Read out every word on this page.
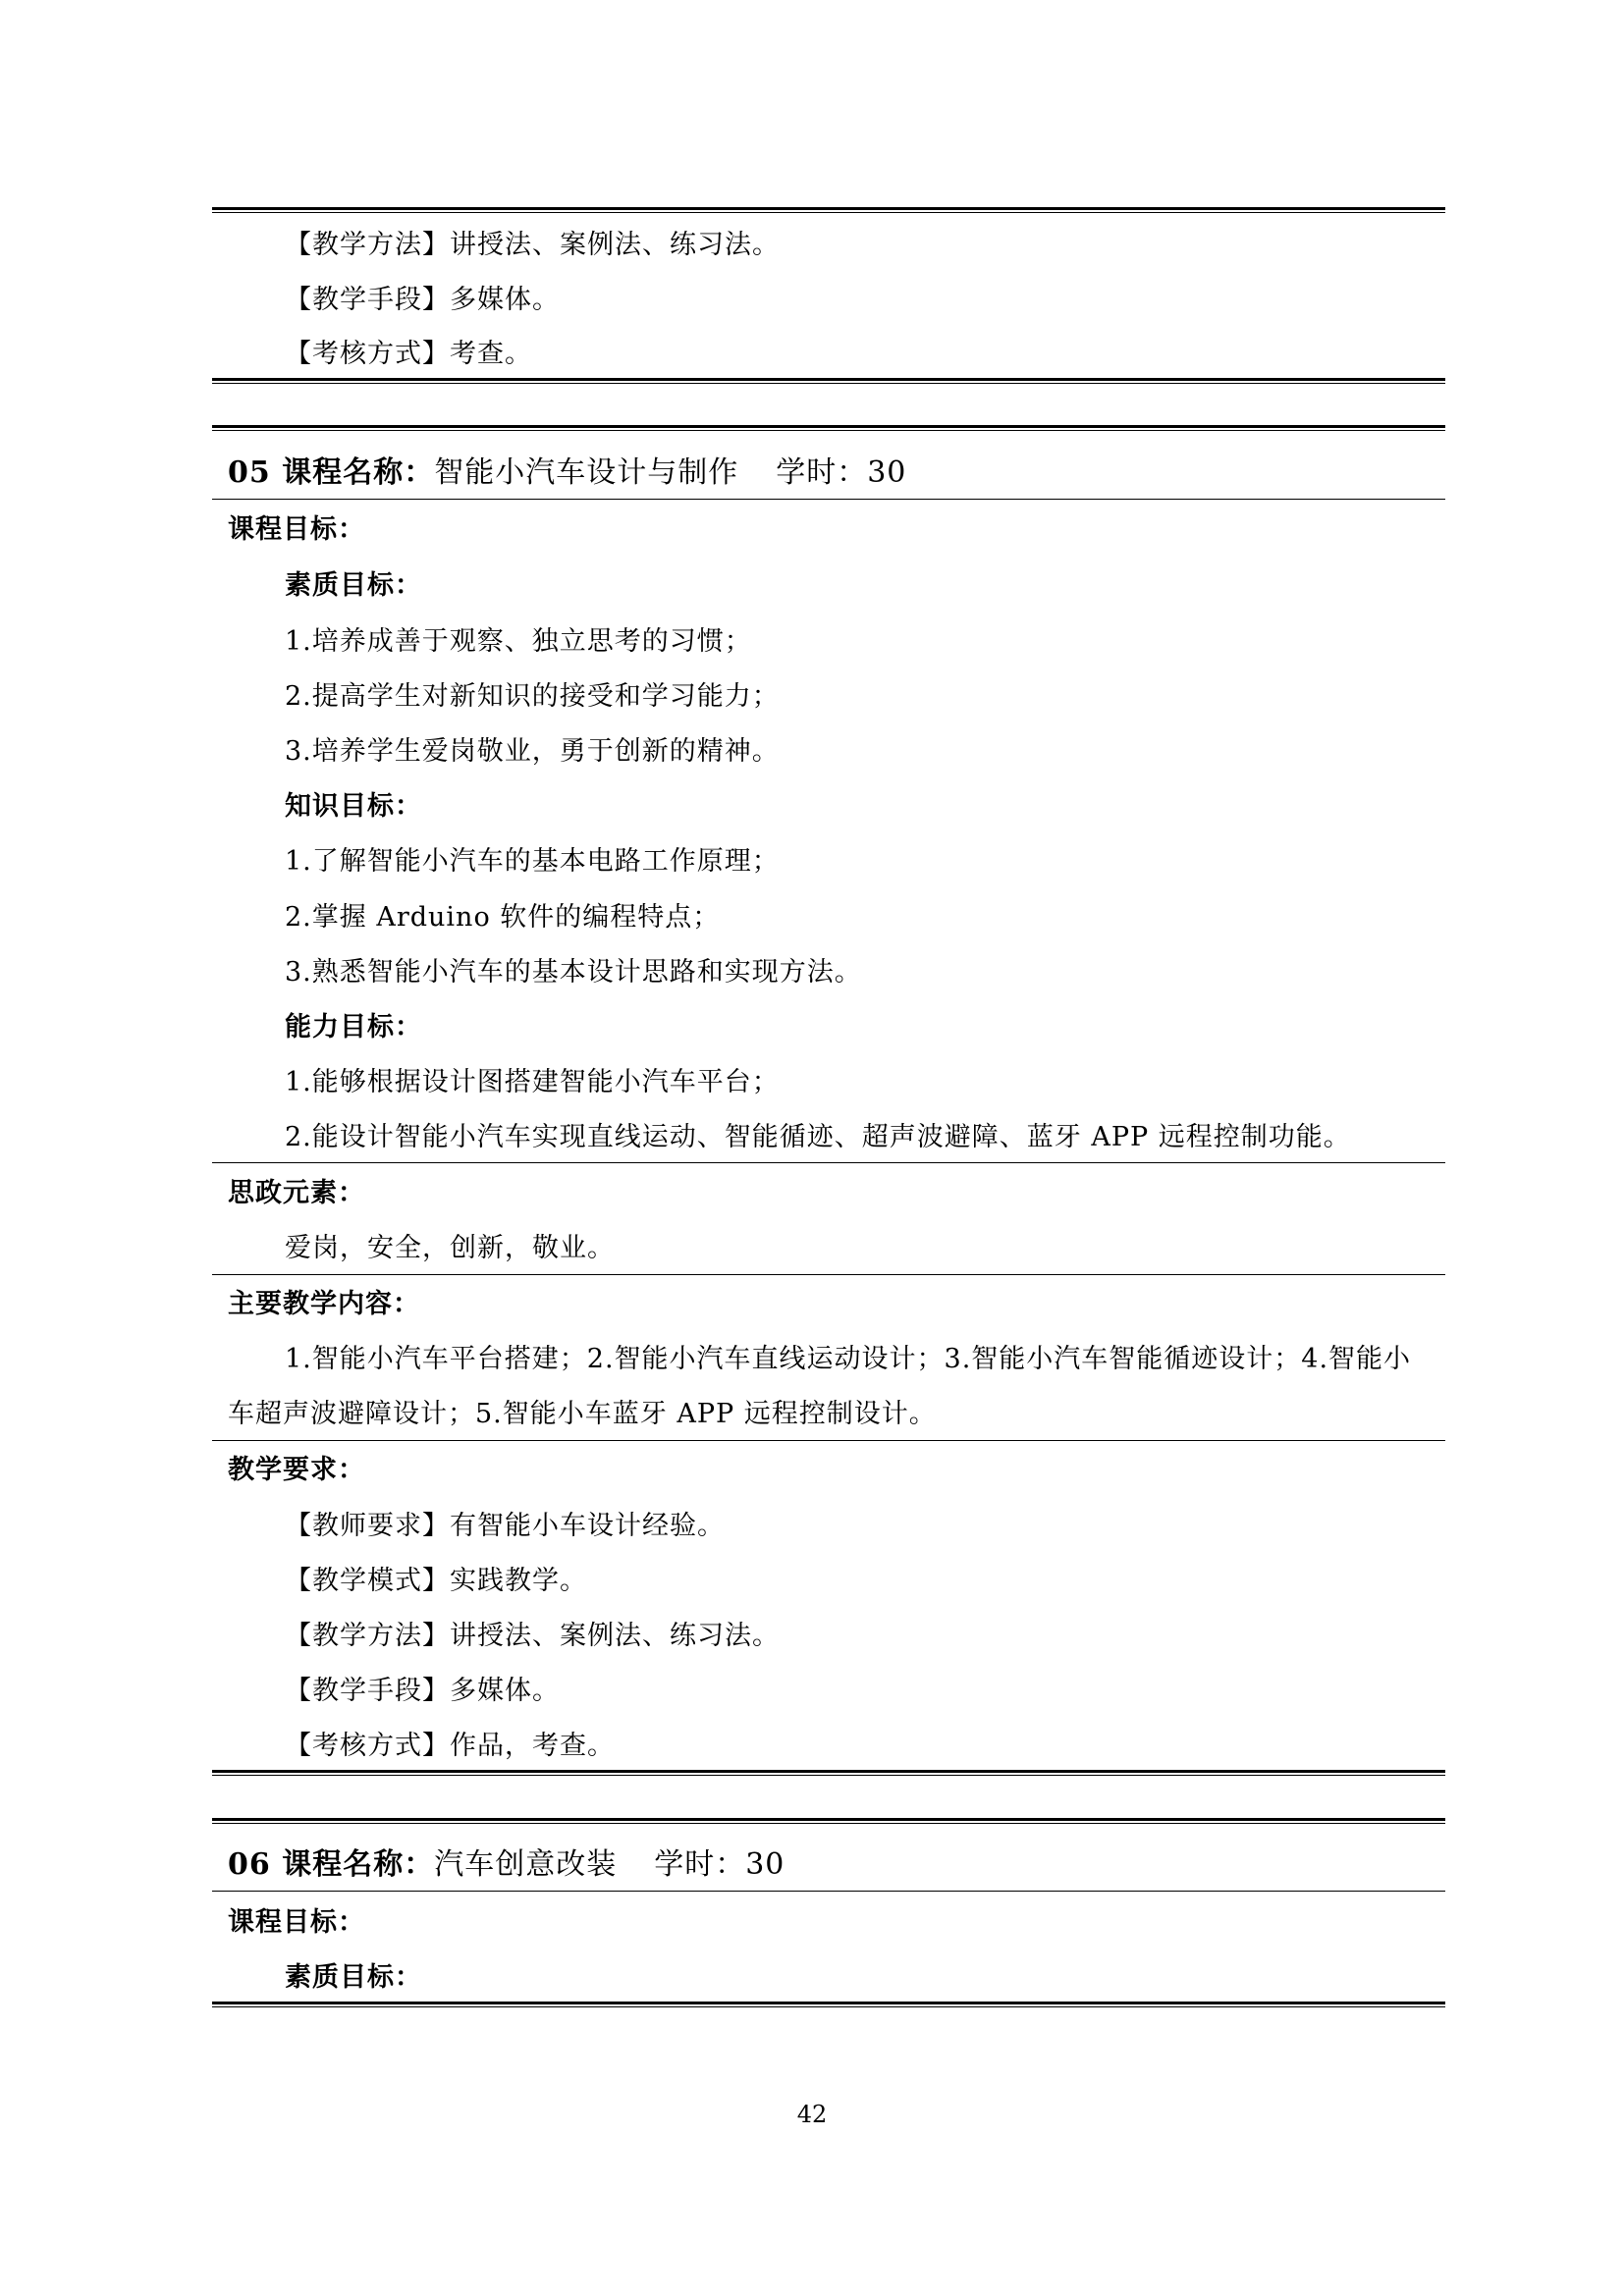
【教学方法】讲授法、案例法、练习法。
【教学手段】多媒体。
【考核方式】考查。
05 课程名称：智能小汽车设计与制作 学时：30
课程目标：
素质目标：
1.培养成善于观察、独立思考的习惯；
2.提高学生对新知识的接受和学习能力；
3.培养学生爱岗敬业，勇于创新的精神。
知识目标：
1.了解智能小汽车的基本电路工作原理；
2.掌握 Arduino 软件的编程特点；
3.熟悉智能小汽车的基本设计思路和实现方法。
能力目标：
1.能够根据设计图搭建智能小汽车平台；
2.能设计智能小汽车实现直线运动、智能循迹、超声波避障、蓝牙 APP 远程控制功能。
思政元素：
爱岗，安全，创新，敬业。
主要教学内容：
1.智能小汽车平台搭建；2.智能小汽车直线运动设计；3.智能小汽车智能循迹设计；4.智能小
车超声波避障设计；5.智能小车蓝牙 APP 远程控制设计。
教学要求：
【教师要求】有智能小车设计经验。
【教学模式】实践教学。
【教学方法】讲授法、案例法、练习法。
【教学手段】多媒体。
【考核方式】作品，考查。
06 课程名称：汽车创意改装 学时：30
课程目标：
素质目标：
42
